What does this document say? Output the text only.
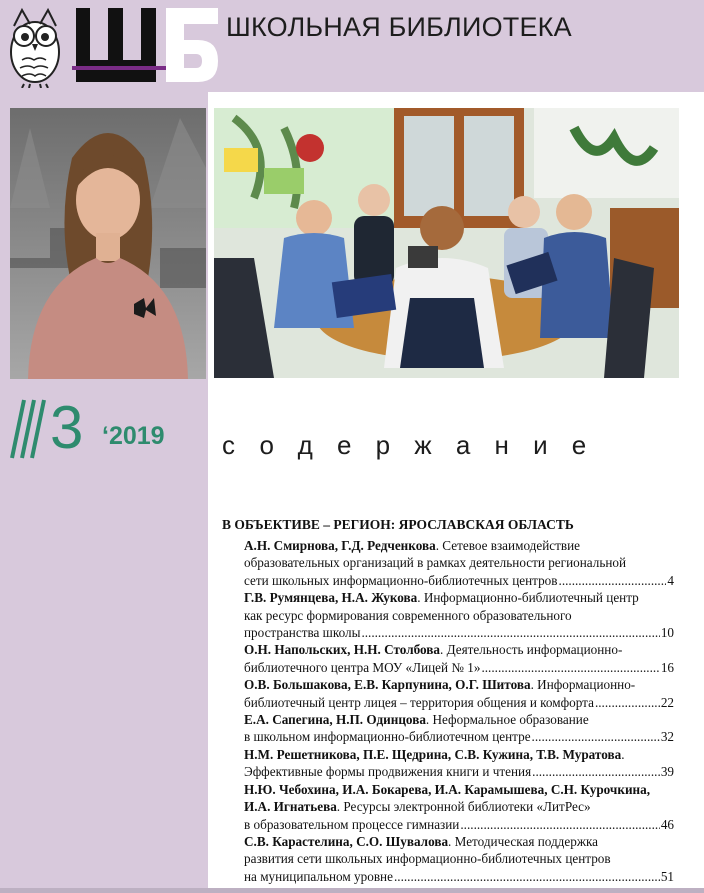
ШКОЛЬНАЯ БИБЛИОТЕКА
3 ‘2019 содержание
В ОБЪЕКТИВЕ – РЕГИОН: ЯРОСЛАВСКАЯ ОБЛАСТЬ
А.Н. Смирнова, Г.Д. Редченкова. Сетевое взаимодействие
образовательных организаций в рамках деятельности региональной
сети школьных информационно-библиотечных центров .....	4
Г.В. Румянцева, Н.А. Жукова. Информационно-библиотечный центр
как ресурс формирования современного образовательного
пространства школы .....	10
О.Н. Напольских, Н.Н. Столбова. Деятельность информационно-
библиотечного центра МОУ «Лицей № 1» .....	16
О.В. Большакова, Е.В. Карпунина, О.Г. Шитова. Информационно-
библиотечный центр лицея – территория общения и комфорта .....	22
Е.А. Сапегина, Н.П. Одинцова. Неформальное образование
в школьном информационно-библиотечном центре .....	32
Н.М. Решетникова, П.Е. Щедрина, С.В. Кужина, Т.В. Муратова.
Эффективные формы продвижения книги и чтения .....	39
Н.Ю. Чебохина, И.А. Бокарева, И.А. Карамышева, С.Н. Курочкина,
И.А. Игнатьева. Ресурсы электронной библиотеки «ЛитРес»
в образовательном процессе гимназии .....	46
С.В. Карастелина, С.О. Шувалова. Методическая поддержка
развития сети школьных информационно-библиотечных центров
на муниципальном уровне .....	51
